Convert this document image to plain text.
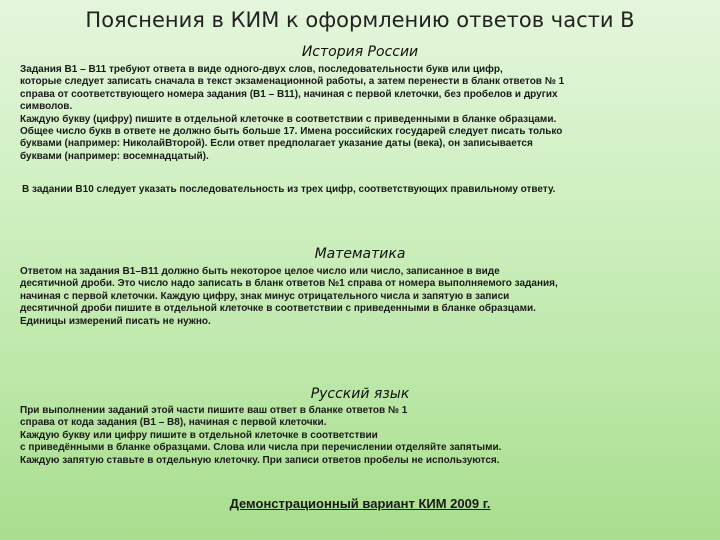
Пояснения в КИМ к оформлению ответов части В
История России

Задания В1 – В11 требуют ответа в виде одного-двух слов, последовательности букв или цифр,
которые следует записать сначала в текст экзаменационной работы, а затем перенести в бланк ответов № 1
справа от соответствующего номера задания (В1 – В11), начиная с первой клеточки, без пробелов и других
символов.
Каждую букву (цифру) пишите в отдельной клеточке в соответствии с приведенными в бланке образцами.
Общее число букв в ответе не должно быть больше 17. Имена российских государей следует писать только
буквами (например: НиколайВторой). Если ответ предполагает указание даты (века), он записывается
буквами (например: восемнадцатый).

В задании В10 следует указать последовательность из трех цифр, соответствующих правильному ответу.
Математика

Ответом на задания В1–В11 должно быть некоторое целое число или число, записанное в виде
десятичной дроби. Это число надо записать в бланк ответов №1 справа от номера выполняемого задания,
начиная с первой клеточки. Каждую цифру, знак минус отрицательного числа и запятую в записи
десятичной дроби пишите в отдельной клеточке в соответствии с приведенными в бланке образцами.
Единицы измерений писать не нужно.

Русский язык

При выполнении заданий этой части пишите ваш ответ в бланке ответов № 1
справа от кода задания (В1 – В8), начиная с первой клеточки.
Каждую букву или цифру пишите в отдельной клеточке в соответствии
с приведёнными в бланке образцами. Слова или числа при перечислении отделяйте запятыми.
Каждую запятую ставьте в отдельную клеточку. При записи ответов пробелы не используются.

Демонстрационный вариант КИМ 2009 г.
